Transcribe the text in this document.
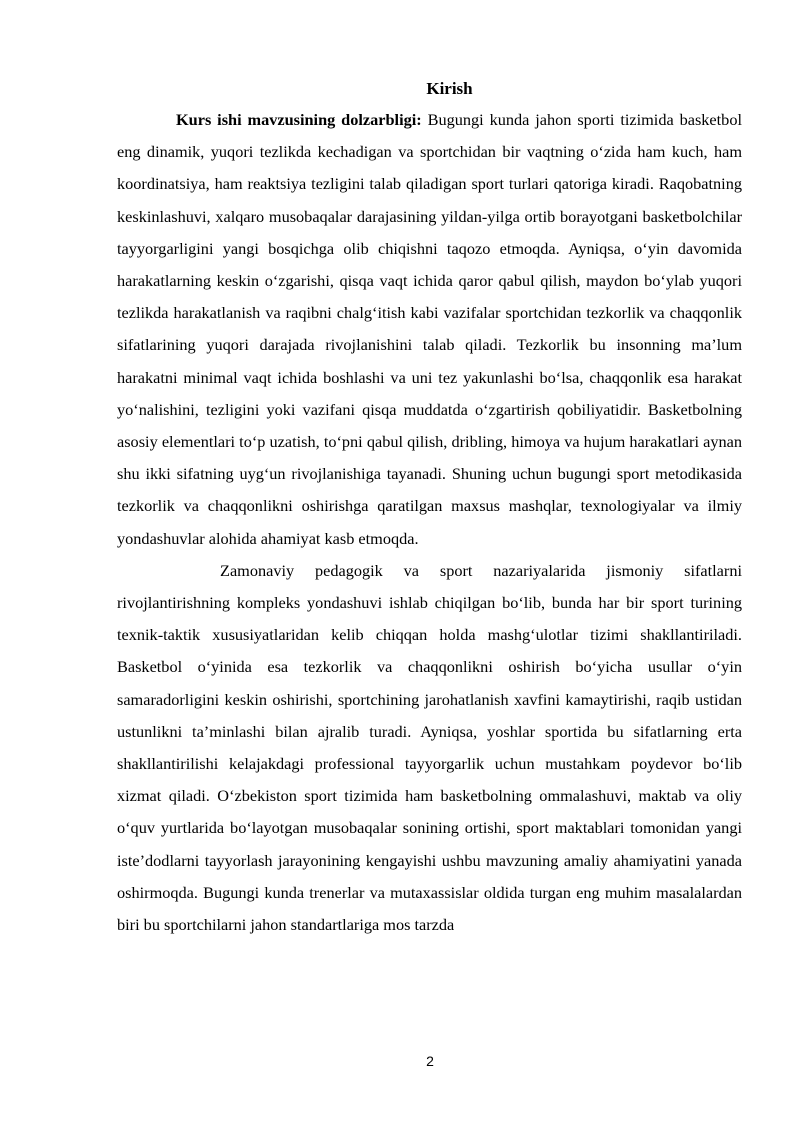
Kirish

Kurs ishi mavzusining dolzarbligi: Bugungi kunda jahon sporti tizimida basketbol eng dinamik, yuqori tezlikda kechadigan va sportchidan bir vaqtning o‘zida ham kuch, ham koordinatsiya, ham reaktsiya tezligini talab qiladigan sport turlari qatoriga kiradi. Raqobatning keskinlashuvi, xalqaro musobaqalar darajasining yildan-yilga ortib borayotgani basketbolchilar tayyorgarligini yangi bosqichga olib chiqishni taqozo etmoqda. Ayniqsa, o‘yin davomida harakatlarning keskin o‘zgarishi, qisqa vaqt ichida qaror qabul qilish, maydon bo‘ylab yuqori tezlikda harakatlanish va raqibni chalg‘itish kabi vazifalar sportchidan tezkorlik va chaqqonlik sifatlarining yuqori darajada rivojlanishini talab qiladi. Tezkorlik bu insonning ma’lum harakatni minimal vaqt ichida boshlashi va uni tez yakunlashi bo‘lsa, chaqqonlik esa harakat yo‘nalishini, tezligini yoki vazifani qisqa muddatda o‘zgartirish qobiliyatidir. Basketbolning asosiy elementlari to‘p uzatish, to‘pni qabul qilish, dribling, himoya va hujum harakatlari aynan shu ikki sifatning uyg‘un rivojlanishiga tayanadi. Shuning uchun bugungi sport metodikasida tezkorlik va chaqqonlikni oshirishga qaratilgan maxsus mashqlar, texnologiyalar va ilmiy yondashuvlar alohida ahamiyat kasb etmoqda.

Zamonaviy pedagogik va sport nazariyalarida jismoniy sifatlarni rivojlantirishning kompleks yondashuvi ishlab chiqilgan bo‘lib, bunda har bir sport turining texnik-taktik xususiyatlaridan kelib chiqqan holda mashg‘ulotlar tizimi shakllantiriladi. Basketbol o‘yinida esa tezkorlik va chaqqonlikni oshirish bo‘yicha usullar o‘yin samaradorligini keskin oshirishi, sportchining jarohatlanish xavfini kamaytirishi, raqib ustidan ustunlikni ta’minlashi bilan ajralib turadi. Ayniqsa, yoshlar sportida bu sifatlarning erta shakllantirilishi kelajakdagi professional tayyorgarlik uchun mustahkam poydevor bo‘lib xizmat qiladi. O‘zbekiston sport tizimida ham basketbolning ommalashuvi, maktab va oliy o‘quv yurtlarida bo‘layotgan musobaqalar sonining ortishi, sport maktablari tomonidan yangi iste’dodlarni tayyorlash jarayonining kengayishi ushbu mavzuning amaliy ahamiyatini yanada oshirmoqda. Bugungi kunda trenerlar va mutaxassislar oldida turgan eng muhim masalalardan biri bu sportchilarni jahon standartlariga mos tarzda

2
